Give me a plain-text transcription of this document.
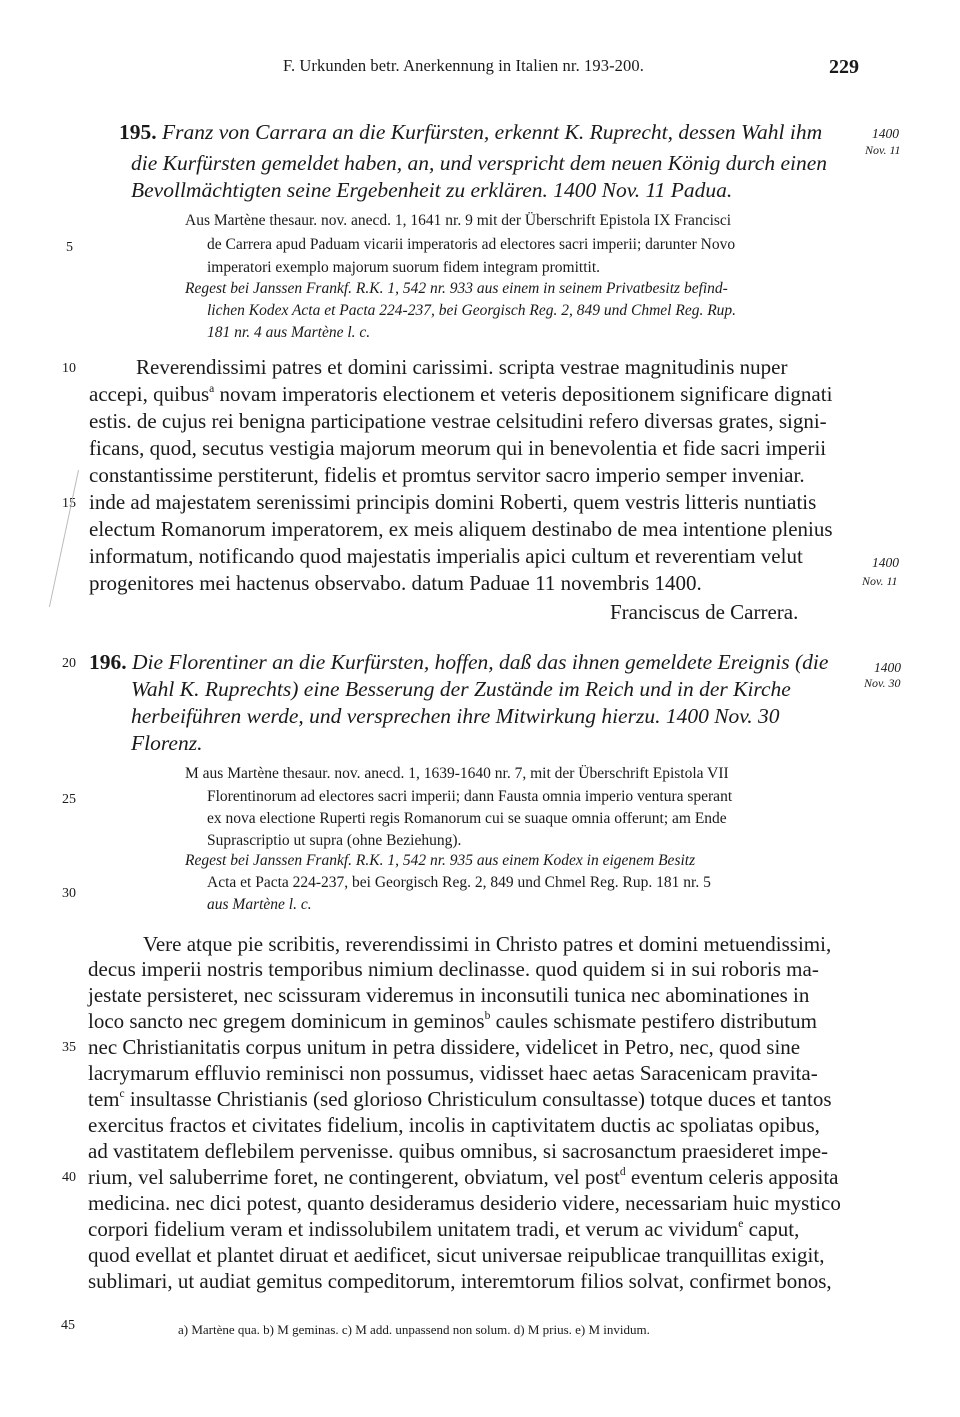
F. Urkunden betr. Anerkennung in Italien nr. 193-200.	229
195. Franz von Carrara an die Kurfürsten, erkennt K. Ruprecht, dessen Wahl ihm
die Kurfürsten gemeldet haben, an, und verspricht dem neuen König durch einen
Bevollmächtigten seine Ergebenheit zu erklären. 1400 Nov. 11 Padua.
Aus Martène thesaur. nov. anecd. 1, 1641 nr. 9 mit der Überschrift Epistola IX Francisci
de Carrera apud Paduam vicarii imperatoris ad electores sacri imperii; darunter Novo
imperatori exemplo majorum suorum fidem integram promittit.
Regest bei Janssen Frankf. R.K. 1, 542 nr. 933 aus einem in seinem Privatbesitz befind-
lichen Kodex Acta et Pacta 224-237, bei Georgisch Reg. 2, 849 und Chmel Reg. Rup.
181 nr. 4 aus Martène l. c.
Reverendissimi patres et domini carissimi. scripta vestrae magnitudinis nuper
accepi, quibus$^a$ novam imperatoris electionem et veteris depositionem significare dignati
estis. de cujus rei benigna participatione vestrae celsitudini refero diversas grates, signi-
ficans, quod, secutus vestigia majorum meorum qui in benevolentia et fide sacri imperii
constantissime perstiterunt, fidelis et promtus servitor sacro imperio semper inveniar.
inde ad majestatem serenissimi principis domini Roberti, quem vestris litteris nuntiatis
electum Romanorum imperatorem, ex meis aliquem destinabo de mea intentione plenius
informatum, notificando quod majestatis imperialis apici cultum et reverentiam velut
progenitores mei hactenus observabo. datum Paduae 11 novembris 1400.
Franciscus de Carrera.
196. Die Florentiner an die Kurfürsten, hoffen, daß das ihnen gemeldete Ereignis (die
Wahl K. Ruprechts) eine Besserung der Zustände im Reich und in der Kirche
herbeiführen werde, und versprechen ihre Mitwirkung hierzu. 1400 Nov. 30
Florenz.
M aus Martène thesaur. nov. anecd. 1, 1639-1640 nr. 7, mit der Überschrift Epistola VII
Florentinorum ad electores sacri imperii; dann Fausta omnia imperio ventura sperant
ex nova electione Ruperti regis Romanorum cui se suaque omnia offerunt; am Ende
Suprascriptio ut supra (ohne Beziehung).
Regest bei Janssen Frankf. R.K. 1, 542 nr. 935 aus einem Kodex in eigenem Besitz
Acta et Pacta 224-237, bei Georgisch Reg. 2, 849 und Chmel Reg. Rup. 181 nr. 5
aus Martène l. c.
Vere atque pie scribitis, reverendissimi in Christo patres et domini metuendissimi,
decus imperii nostris temporibus nimium declinasse. quod quidem si in sui roboris ma-
jestate persisteret, nec scissuram videremus in inconsutili tunica nec abominationes in
loco sancto nec gregem dominicum in geminos$^b$ caules schismate pestifero distributum
nec Christianitatis corpus unitum in petra dissidere, videlicet in Petro, nec, quod sine
lacrymarum effluvio reminisci non possumus, vidisset haec aetas Saracenicam pravita-
tem$^c$ insultasse Christianis (sed glorioso Christiculum consultasse) totque duces et tantos
exercitus fractos et civitates fidelium, incolis in captivitatem ductis ac spoliatas opibus,
ad vastitatem deflebilem pervenisse. quibus omnibus, si sacrosanctum praesideret impe-
rium, vel saluberrime foret, ne contingerent, obviatum, vel post$^d$ eventum celeris apposita
medicina. nec dici potest, quanto desideramus desiderio videre, necessariam huic mystico
corpori fidelium veram et indissolubilem unitatem tradi, et verum ac vividum$^e$ caput,
quod evellat et plantet diruat et aedificet, sicut universae reipublicae tranquillitas exigit,
sublimari, ut audiat gemitus compeditorum, interemtorum filios solvat, confirmet bonos,
5
10
15
20
25
30
35
40
45
1400
Nov. 11
1400
Nov. 11
1400
Nov. 30
a) Martène qua. b) M geminas. c) M add. unpassend non solum. d) M prius. e) M invidum.
